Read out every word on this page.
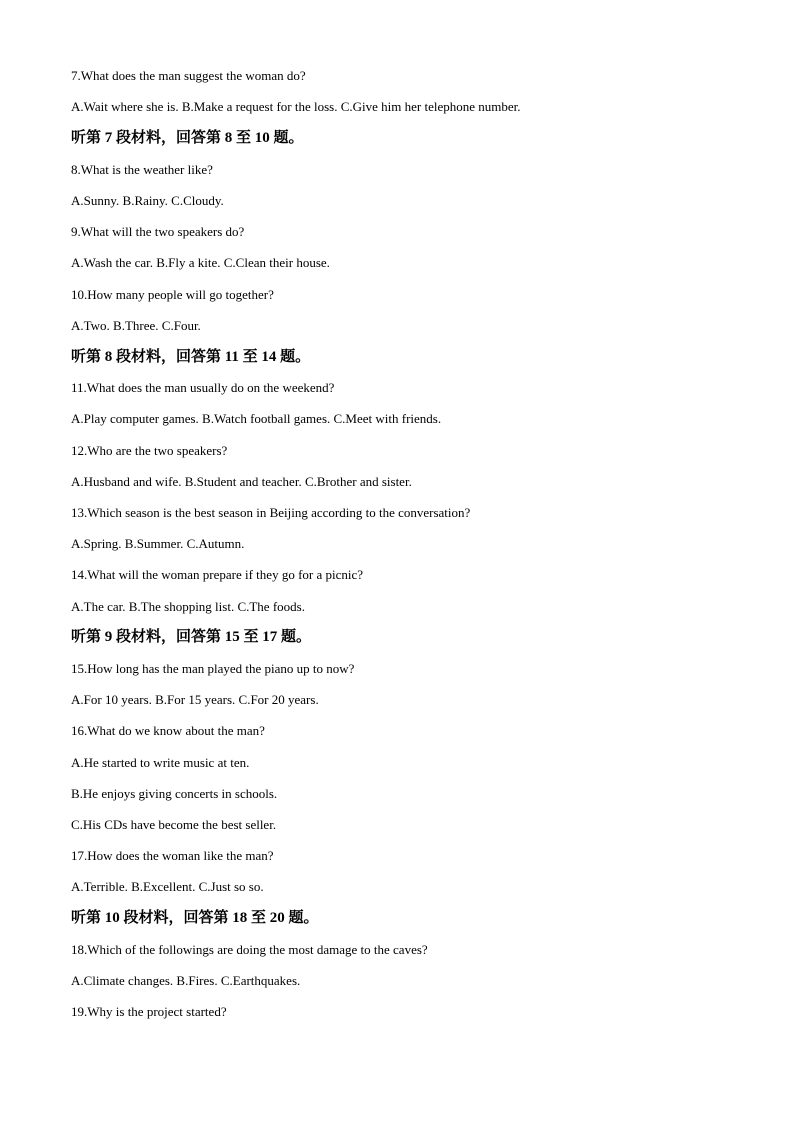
7.What does the man suggest the woman do?
A.Wait where she is. B.Make a request for the loss. C.Give him her telephone number.
听第 7 段材料，回答第 8 至 10 题。
8.What is the weather like?
A.Sunny. B.Rainy. C.Cloudy.
9.What will the two speakers do?
A.Wash the car. B.Fly a kite. C.Clean their house.
10.How many people will go together?
A.Two. B.Three. C.Four.
听第 8 段材料，回答第 11 至 14 题。
11.What does the man usually do on the weekend?
A.Play computer games. B.Watch football games. C.Meet with friends.
12.Who are the two speakers?
A.Husband and wife. B.Student and teacher. C.Brother and sister.
13.Which season is the best season in Beijing according to the conversation?
A.Spring. B.Summer. C.Autumn.
14.What will the woman prepare if they go for a picnic?
A.The car. B.The shopping list. C.The foods.
听第 9 段材料，回答第 15 至 17 题。
15.How long has the man played the piano up to now?
A.For 10 years. B.For 15 years. C.For 20 years.
16.What do we know about the man?
A.He started to write music at ten.
B.He enjoys giving concerts in schools.
C.His CDs have become the best seller.
17.How does the woman like the man?
A.Terrible. B.Excellent. C.Just so so.
听第 10 段材料，回答第 18 至 20 题。
18.Which of the followings are doing the most damage to the caves?
A.Climate changes. B.Fires. C.Earthquakes.
19.Why is the project started?
